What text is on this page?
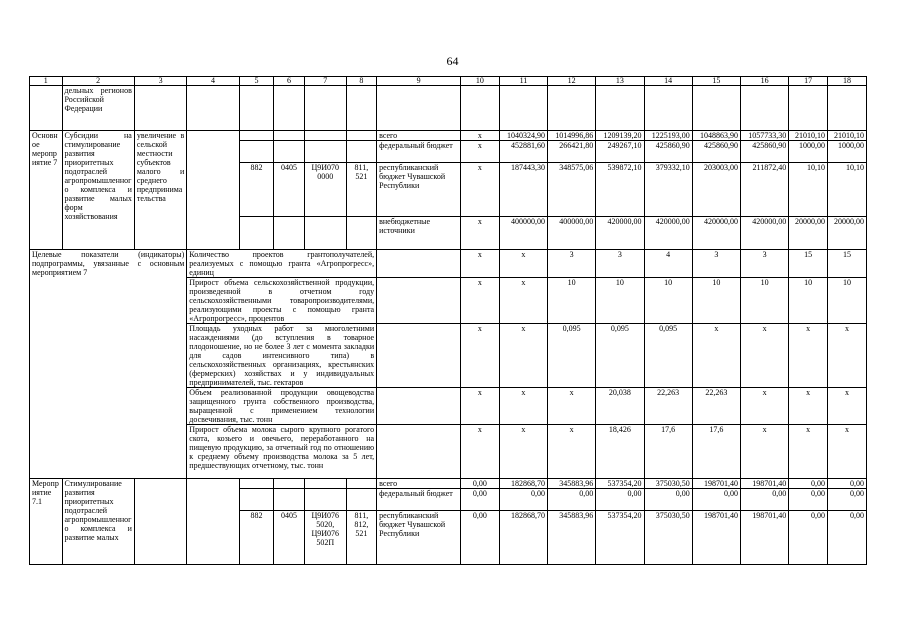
64
1	2	3	4	5	6	7	8	9	10	11	12	13	14	15	16	17	18
	дельных регионов Российской Федерации																
Основное мероприятие 7	Субсидии на стимулирование развития приоритетных подотраслей агропромышленного комплекса и развитие малых форм хозяйствования	увеличение в сельской местности субъектов малого и среднего предпринимательства						всего	x	1040324,90	1014996,86	1209139,20	1225193,00	1048863,90	1057733,30	21010,10	21010,10
								федеральный бюджет	x	452881,60	266421,80	249267,10	425860,90	425860,90	425860,90	1000,00	1000,00
				882	0405	Ц9И070 0000	811, 521	республиканский бюджет Чувашской Республики	x	187443,30	348575,06	539872,10	379332,10	203003,00	211872,40	10,10	10,10
								внебюджетные источники	x	400000,00	400000,00	420000,00	420000,00	420000,00	420000,00	20000,00	20000,00
Целевые показатели (индикаторы) подпрограммы, увязанные с основным мероприятием 7			Количество проектов грантополучателей, реализуемых с помощью гранта «Агропрогресс», единиц						x	x	3	3	4	3	3	15	15
			Прирост объема сельскохозяйственной продукции, произведенной в отчетном году сельскохозяйственными товаропроизводителями, реализующими проекты с помощью гранта «Агропрогресс», процентов						x	x	10	10	10	10	10	10	10
			Площадь уходных работ за многолетними насаждениями (до вступления в товарное плодоношение, но не более 3 лет с момента закладки для садов интенсивного типа) в сельскохозяйственных организациях, крестьянских (фермерских) хозяйствах и у индивидуальных предпринимателей, тыс. гектаров						x	x	0,095	0,095	0,095	x	x	x	x
			Объем реализованной продукции овощеводства защищенного грунта собственного производства, выращенной с применением технологии досвечивания, тыс. тонн						x	x	x	20,038	22,263	22,263	x	x	x
			Прирост объема молока сырого крупного рогатого скота, козьего и овечьего, переработанного на пищевую продукцию, за отчетный год по отношению к среднему объему производства молока за 5 лет, предшествующих отчетному, тыс. тонн						x	x	x	18,426	17,6	17,6	x	x	x
Мероприятие 7.1	Стимулирование развития приоритетных подотраслей агропромышленного комплекса и развитие малых							всего	0,00	182868,70	345883,96	537354,20	375030,50	198701,40	198701,40	0,00	0,00
								федеральный бюджет	0,00	0,00	0,00	0,00	0,00	0,00	0,00	0,00	0,00
				882	0405	Ц9И076 5020, Ц9И076 502П	811, 812, 521	республиканский бюджет Чувашской Республики	0,00	182868,70	345883,96	537354,20	375030,50	198701,40	198701,40	0,00	0,00
